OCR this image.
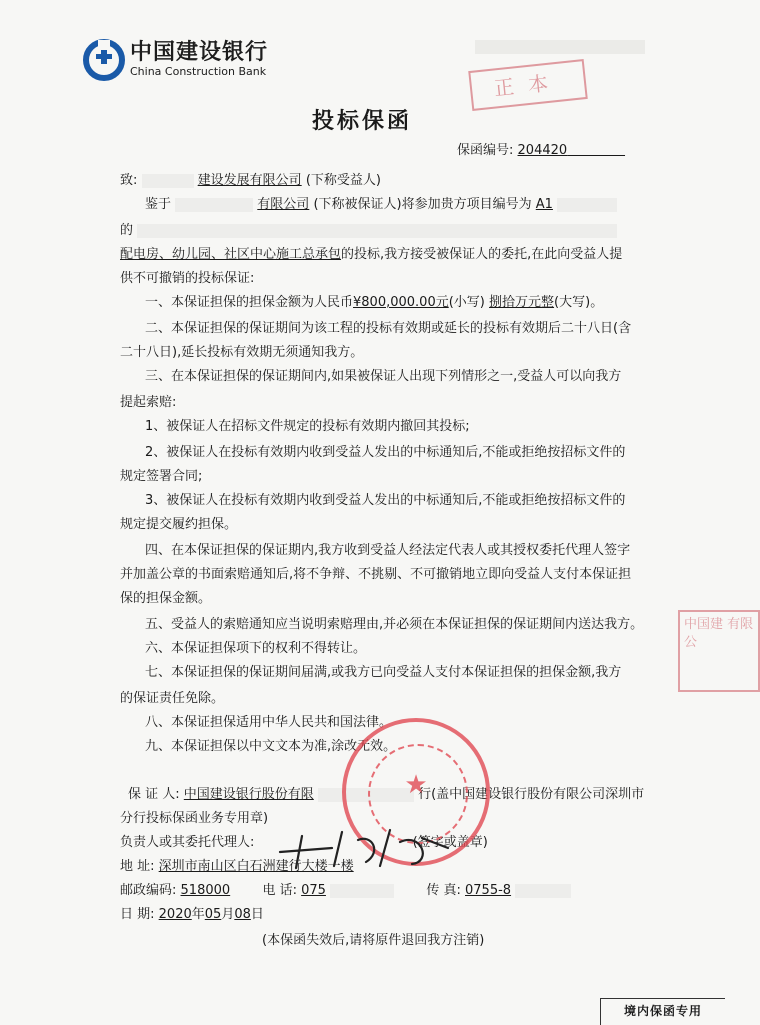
中国建设银行
China Construction Bank	正本
投标保函
保函编号: 204420
致:	建设发展有限公司 (下称受益人)
鉴于	有限公司 (下称被保证人)将参加贵方项目编号为 A1
的
配电房、幼儿园、社区中心施工总承包的投标,我方接受被保证人的委托,在此向受益人提
供不可撤销的投标保证:
一、本保证担保的担保金额为人民币¥800,000.00元(小写) 捌拾万元整(大写)。
二、本保证担保的保证期间为该工程的投标有效期或延长的投标有效期后二十八日(含
二十八日),延长投标有效期无须通知我方。
三、在本保证担保的保证期间内,如果被保证人出现下列情形之一,受益人可以向我方
提起索赔:
1、被保证人在招标文件规定的投标有效期内撤回其投标;
2、被保证人在投标有效期内收到受益人发出的中标通知后,不能或拒绝按招标文件的
规定签署合同;
3、被保证人在投标有效期内收到受益人发出的中标通知后,不能或拒绝按招标文件的
规定提交履约担保。
四、在本保证担保的保证期内,我方收到受益人经法定代表人或其授权委托代理人签字
并加盖公章的书面索赔通知后,将不争辩、不挑剔、不可撤销地立即向受益人支付本保证担
保的担保金额。
五、受益人的索赔通知应当说明索赔理由,并必须在本保证担保的保证期间内送达我方。
六、本保证担保项下的权利不得转让。
七、本保证担保的保证期间届满,或我方已向受益人支付本保证担保的担保金额,我方
的保证责任免除。
八、本保证担保适用中华人民共和国法律。
九、本保证担保以中文文本为准,涂改无效。
中国建 有限公
保 证 人: 中国建设银行股份有限	行(盖中国建设银行股份有限公司深圳市
分行投标保函业务专用章)
负责人或其委托代理人:	(签字或盖章)
地 址: 深圳市南山区白石洲建行大楼一楼
邮政编码: 518000 电 话: 075	传 真: 0755-8
日 期: 2020年05月08日
(本保函失效后,请将原件退回我方注销)
★
境内保函专用
